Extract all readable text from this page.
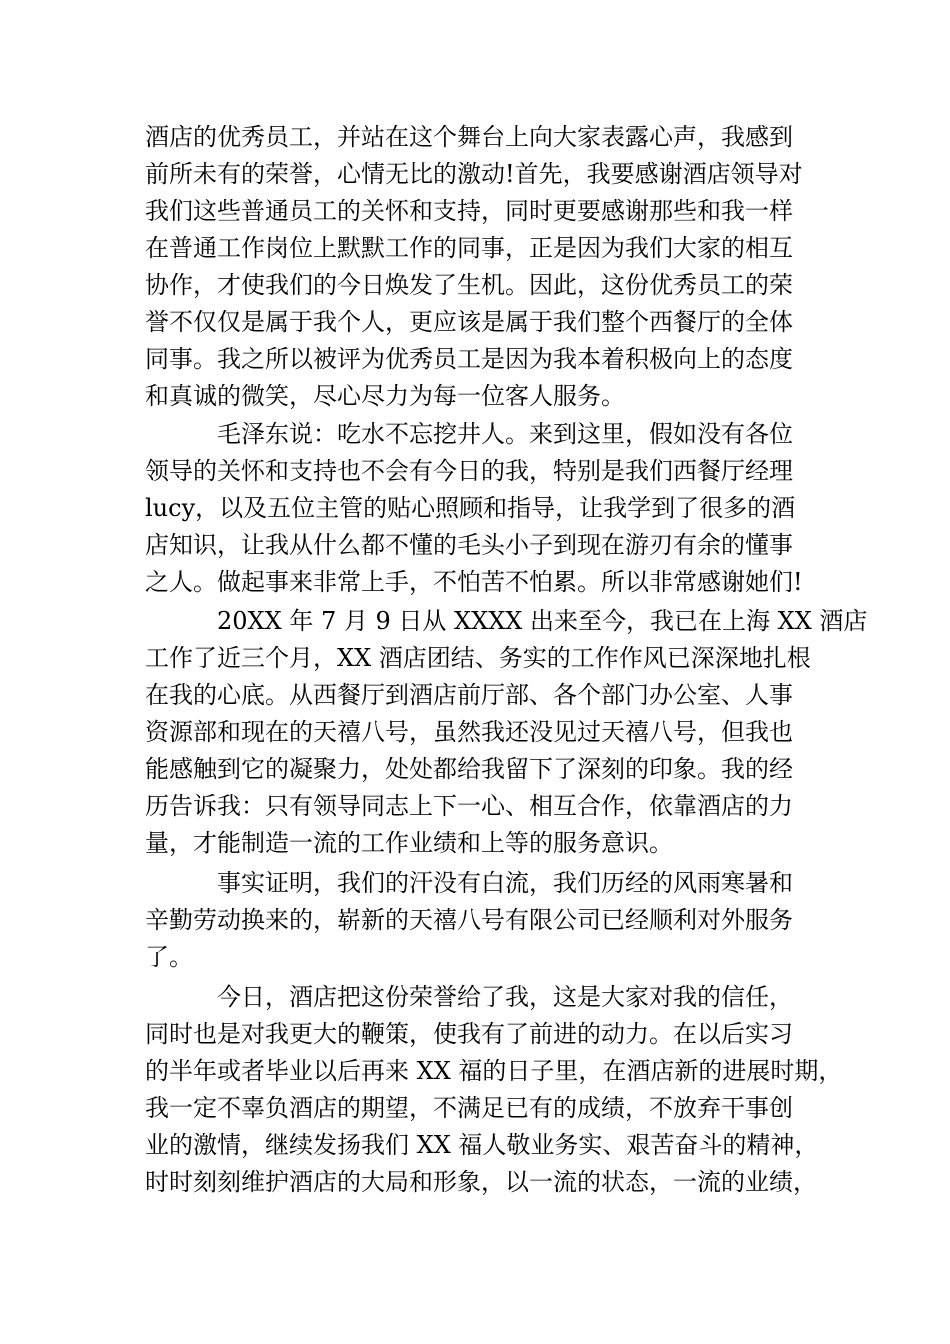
酒店的优秀员工，并站在这个舞台上向大家表露心声，我感到
前所未有的荣誉，心情无比的激动!首先，我要感谢酒店领导对
我们这些普通员工的关怀和支持，同时更要感谢那些和我一样
在普通工作岗位上默默工作的同事，正是因为我们大家的相互
协作，才使我们的今日焕发了生机。因此，这份优秀员工的荣
誉不仅仅是属于我个人，更应该是属于我们整个西餐厅的全体
同事。我之所以被评为优秀员工是因为我本着积极向上的态度
和真诚的微笑，尽心尽力为每一位客人服务。
毛泽东说：吃水不忘挖井人。来到这里，假如没有各位
领导的关怀和支持也不会有今日的我，特别是我们西餐厅经理
lucy，以及五位主管的贴心照顾和指导，让我学到了很多的酒
店知识，让我从什么都不懂的毛头小子到现在游刃有余的懂事
之人。做起事来非常上手，不怕苦不怕累。所以非常感谢她们!
20XX 年 7 月 9 日从 XXXX 出来至今，我已在上海 XX 酒店
工作了近三个月，XX 酒店团结、务实的工作作风已深深地扎根
在我的心底。从西餐厅到酒店前厅部、各个部门办公室、人事
资源部和现在的天禧八号，虽然我还没见过天禧八号，但我也
能感触到它的凝聚力，处处都给我留下了深刻的印象。我的经
历告诉我：只有领导同志上下一心、相互合作，依靠酒店的力
量，才能制造一流的工作业绩和上等的服务意识。
事实证明，我们的汗没有白流，我们历经的风雨寒暑和
辛勤劳动换来的，崭新的天禧八号有限公司已经顺利对外服务
了。
今日，酒店把这份荣誉给了我，这是大家对我的信任，
同时也是对我更大的鞭策，使我有了前进的动力。在以后实习
的半年或者毕业以后再来 XX 福的日子里，在酒店新的进展时期，
我一定不辜负酒店的期望，不满足已有的成绩，不放弃干事创
业的激情，继续发扬我们 XX 福人敬业务实、艰苦奋斗的精神，
时时刻刻维护酒店的大局和形象，以一流的状态，一流的业绩，
